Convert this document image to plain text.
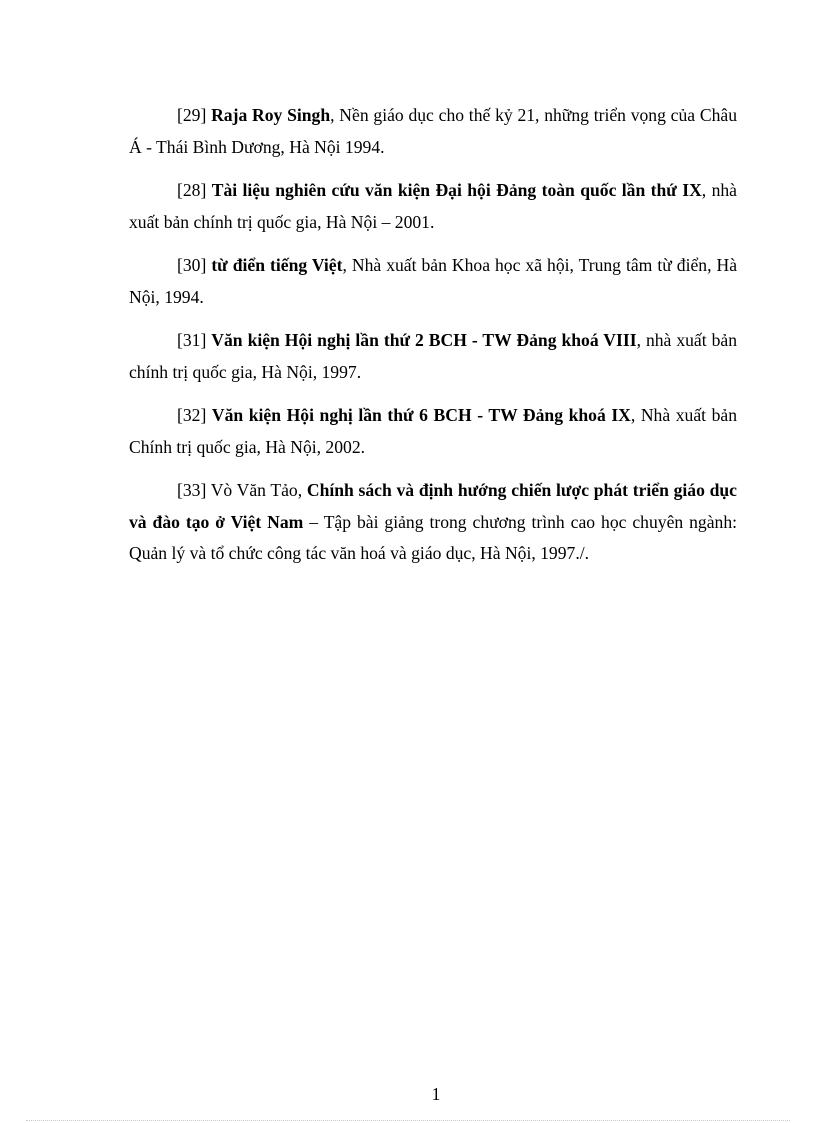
[29] Raja Roy Singh, Nền giáo dục cho thế kỷ 21, những triển vọng của Châu Á - Thái Bình Dương, Hà Nội 1994.

[28] Tài liệu nghiên cứu văn kiện Đại hội Đảng toàn quốc lần thứ IX, nhà xuất bản chính trị quốc gia, Hà Nội – 2001.

[30] từ điển tiếng Việt, Nhà xuất bản Khoa học xã hội, Trung tâm từ điển, Hà Nội, 1994.

[31] Văn kiện Hội nghị lần thứ 2 BCH - TW Đảng khoá VIII, nhà xuất bản chính trị quốc gia, Hà Nội, 1997.

[32] Văn kiện Hội nghị lần thứ 6 BCH - TW Đảng khoá IX, Nhà xuất bản Chính trị quốc gia, Hà Nội, 2002.

[33] Vò Văn Tảo, Chính sách và định hướng chiến lược phát triển giáo dục và đào tạo ở Việt Nam – Tập bài giảng trong chương trình cao học chuyên ngành: Quản lý và tổ chức công tác văn hoá và giáo dục, Hà Nội, 1997./.

1
